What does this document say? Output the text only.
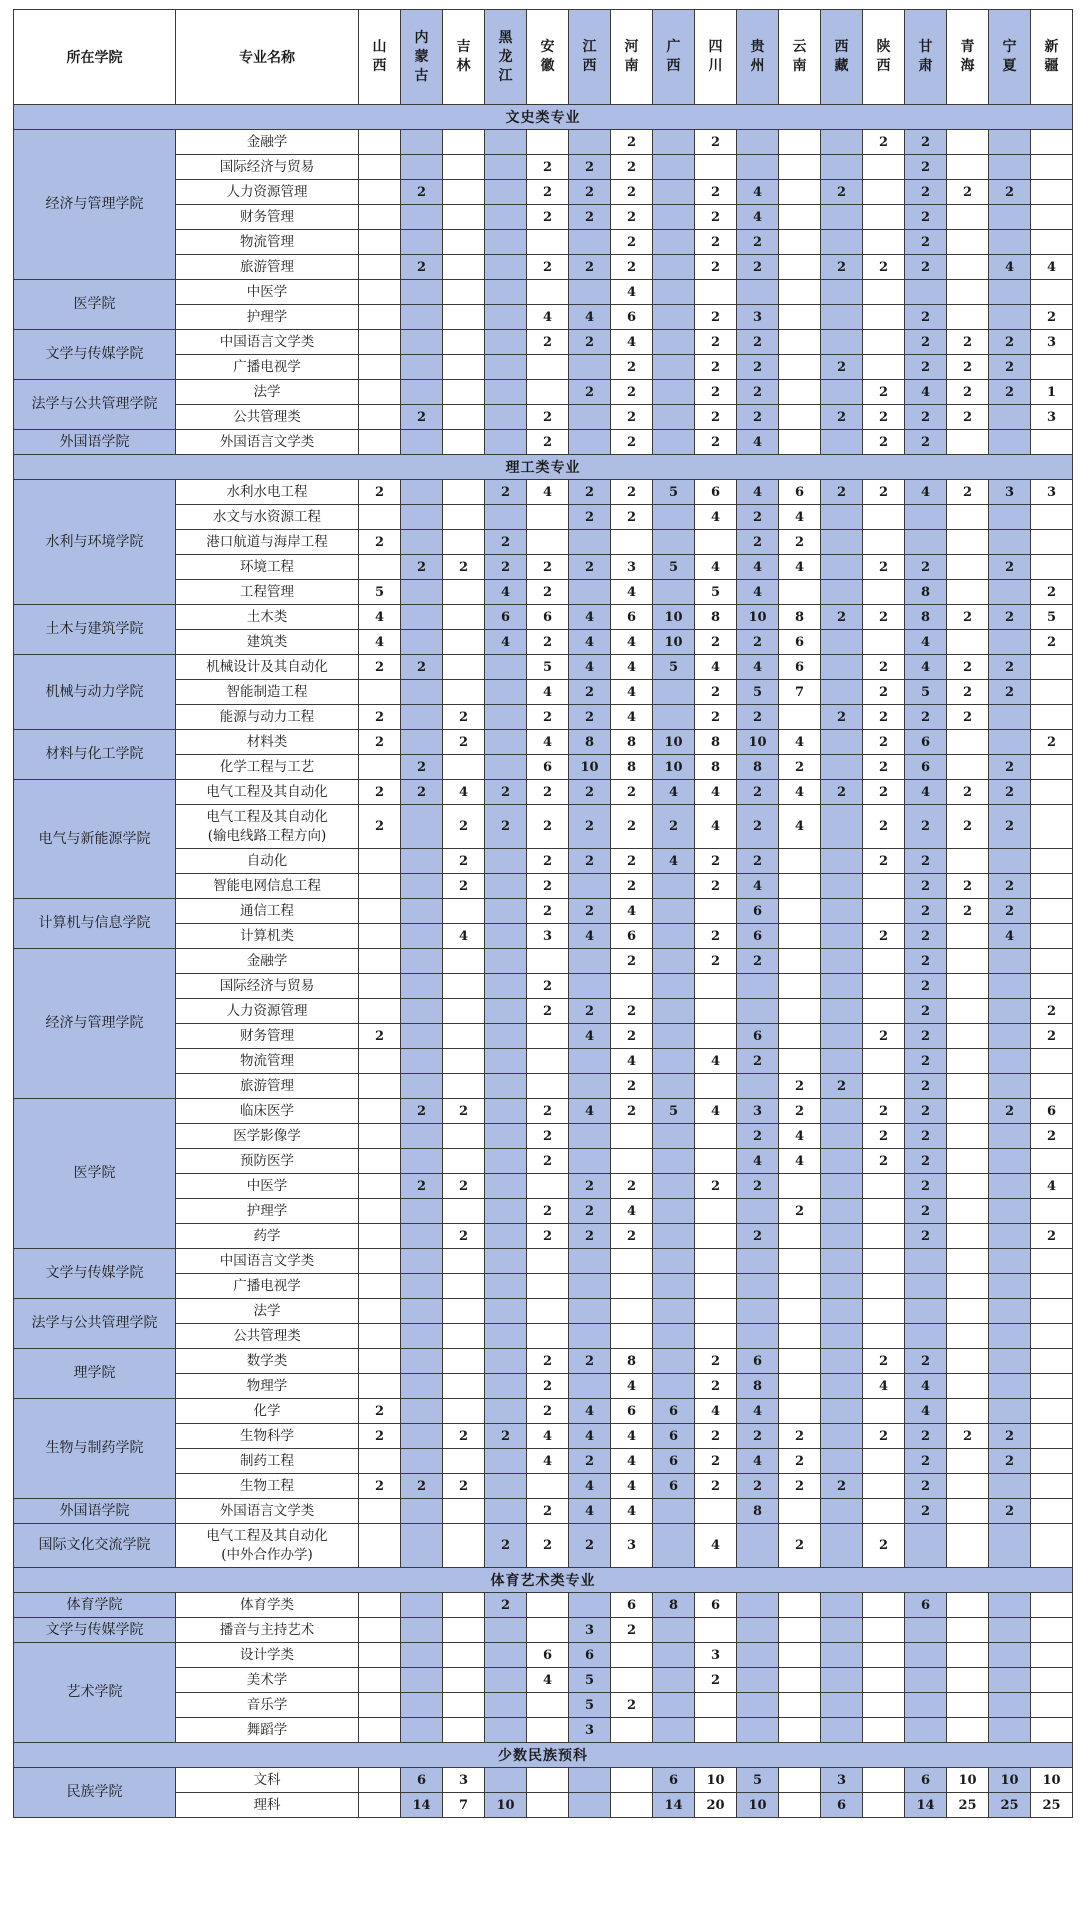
所在学院	专业名称	山
西	内
蒙
古	吉
林	黑
龙
江	安
徽	江
西	河
南	广
西	四
川	贵
州	云
南	西
藏	陕
西	甘
肃	青
海	宁
夏	新
疆
文史类专业																		
经济与管理学院	金融学							2		2				2	2			
	国际经济与贸易					2	2	2							2			
	人力资源管理		2			2	2	2		2	4		2		2	2	2	
	财务管理					2	2	2		2	4				2			
	物流管理							2		2	2				2			
	旅游管理		2			2	2	2		2	2		2	2	2		4	4
医学院	中医学							4										
	护理学					4	4	6		2	3				2			2
文学与传媒学院	中国语言文学类					2	2	4		2	2				2	2	2	3
	广播电视学							2		2	2		2		2	2	2	
法学与公共管理学院	法学						2	2		2	2			2	4	2	2	1
	公共管理类		2			2		2		2	2		2	2	2	2		3
外国语学院	外国语言文学类					2		2		2	4			2	2			
理工类专业																		
水利与环境学院	水利水电工程	2			2	4	2	2	5	6	4	6	2	2	4	2	3	3
	水文与水资源工程						2	2		4	2	4						
	港口航道与海岸工程	2			2						2	2						
	环境工程		2	2	2	2	2	3	5	4	4	4		2	2		2	
	工程管理	5			4	2		4		5	4				8			2
土木与建筑学院	土木类	4			6	6	4	6	10	8	10	8	2	2	8	2	2	5
	建筑类	4			4	2	4	4	10	2	2	6			4			2
机械与动力学院	机械设计及其自动化	2	2			5	4	4	5	4	4	6		2	4	2	2	
	智能制造工程					4	2	4		2	5	7		2	5	2	2	
	能源与动力工程	2		2		2	2	4		2	2		2	2	2	2		
材料与化工学院	材料类	2		2		4	8	8	10	8	10	4		2	6			2
	化学工程与工艺		2			6	10	8	10	8	8	2		2	6		2	
电气与新能源学院	电气工程及其自动化	2	2	4	2	2	2	2	4	4	2	4	2	2	4	2	2	
	电气工程及其自动化
(输电线路工程方向)	2		2	2	2	2	2	2	4	2	4		2	2	2	2	
	自动化			2		2	2	2	4	2	2			2	2			
	智能电网信息工程			2		2		2		2	4				2	2	2	
计算机与信息学院	通信工程					2	2	4			6				2	2	2	
	计算机类			4		3	4	6		2	6			2	2		4	
经济与管理学院	金融学							2		2	2				2			
	国际经济与贸易					2									2			
	人力资源管理					2	2	2							2			2
	财务管理	2					4	2			6			2	2			2
	物流管理							4		4	2				2			
	旅游管理							2				2	2		2			
医学院	临床医学		2	2		2	4	2	5	4	3	2		2	2		2	6
	医学影像学					2					2	4		2	2			2
	预防医学					2					4	4		2	2			
	中医学		2	2			2	2		2	2				2			4
	护理学					2	2	4				2			2			
	药学			2		2	2	2			2				2			2
文学与传媒学院	中国语言文学类																	
	广播电视学																	
法学与公共管理学院	法学																	
	公共管理类																	
理学院	数学类					2	2	8		2	6			2	2			
	物理学					2		4		2	8			4	4			
生物与制药学院	化学	2				2	4	6	6	4	4				4			
	生物科学	2		2	2	4	4	4	6	2	2	2		2	2	2	2	
	制药工程					4	2	4	6	2	4	2			2		2	
	生物工程	2	2	2			4	4	6	2	2	2	2		2			
外国语学院	外国语言文学类					2	4	4			8				2		2	
国际文化交流学院	电气工程及其自动化
(中外合作办学)				2	2	2	3		4		2		2				
体育艺术类专业																		
体育学院	体育学类				2			6	8	6					6			
文学与传媒学院	播音与主持艺术						3	2										
艺术学院	设计学类					6	6			3								
	美术学					4	5			2								
	音乐学						5	2										
	舞蹈学						3											
少数民族预科																		
民族学院	文科		6	3					6	10	5		3		6	10	10	10
	理科		14	7	10				14	20	10		6		14	25	25	25
